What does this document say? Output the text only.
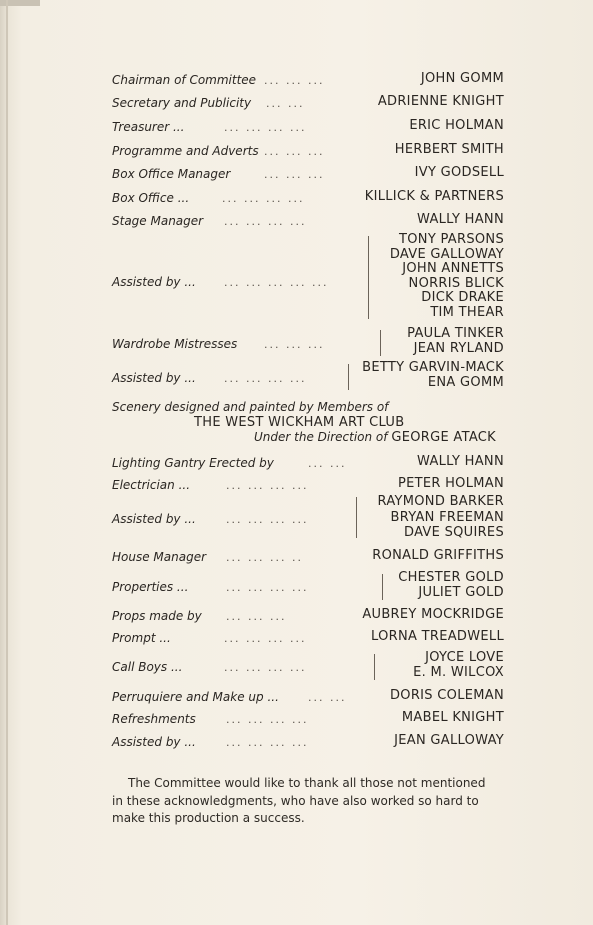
Chairman of Committee ... ... ...	JOHN GOMM
Secretary and Publicity ... ...	ADRIENNE KNIGHT
Treasurer ...	... ... ... ...	ERIC HOLMAN
Programme and Adverts ... ... ...	HERBERT SMITH
Box Office Manager	... ... ...	IVY GODSELL
Box Office ...	... ... ... ...	KILLICK & PARTNERS
Stage Manager ... ... ... ...	WALLY HANN
Assisted by ...	... ... ... ... ...
TONY PARSONS
DAVE GALLOWAY
JOHN ANNETTS
NORRIS BLICK
DICK DRAKE
TIM THEAR
Wardrobe Mistresses ... ... ...
PAULA TINKER
JEAN RYLAND
Assisted by ...	... ... ... ...
BETTY GARVIN-MACK
ENA GOMM
Scenery designed and painted by Members of
THE WEST WICKHAM ART CLUB
Under the Direction of GEORGE ATACK
Lighting Gantry Erected by	... ...	WALLY HANN
Electrician ...	... ... ... ...	PETER HOLMAN
Assisted by ...	... ... ... ...
RAYMOND BARKER
BRYAN FREEMAN
DAVE SQUIRES
House Manager ... ... ... ..	RONALD GRIFFITHS
Properties ...	... ... ... ...
CHESTER GOLD
JULIET GOLD
Props made by ... ... ...	AUBREY MOCKRIDGE
Prompt ...	... ... ... ...	LORNA TREADWELL
Call Boys ...	... ... ... ...
JOYCE LOVE
E. M. WILCOX
Perruquiere and Make up ...	... ...	DORIS COLEMAN
Refreshments	... ... ... ...	MABEL KNIGHT
Assisted by ...	... ... ... ...	JEAN GALLOWAY
The Committee would like to thank all those not mentioned
in these acknowledgments, who have also worked so hard to
make this production a success.
